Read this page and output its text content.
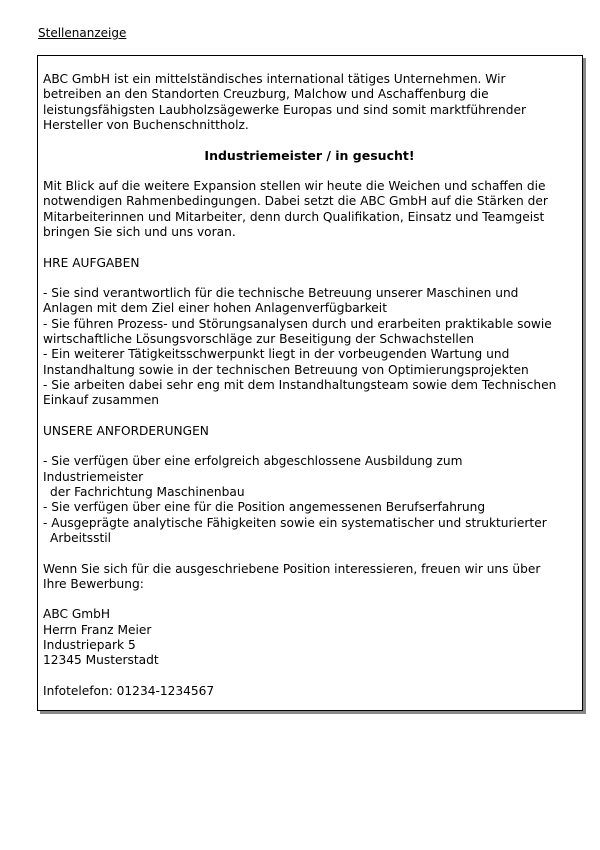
Stellenanzeige

ABC GmbH ist ein mittelständisches international tätiges Unternehmen. Wir
betreiben an den Standorten Creuzburg, Malchow und Aschaffenburg die
leistungsfähigsten Laubholzsägewerke Europas und sind somit marktführender
Hersteller von Buchenschnittholz.

Industriemeister / in gesucht!

Mit Blick auf die weitere Expansion stellen wir heute die Weichen und schaffen die
notwendigen Rahmenbedingungen. Dabei setzt die ABC GmbH auf die Stärken der
Mitarbeiterinnen und Mitarbeiter, denn durch Qualifikation, Einsatz und Teamgeist
bringen Sie sich und uns voran.

HRE AUFGABEN

- Sie sind verantwortlich für die technische Betreuung unserer Maschinen und
Anlagen mit dem Ziel einer hohen Anlagenverfügbarkeit
- Sie führen Prozess- und Störungsanalysen durch und erarbeiten praktikable sowie
wirtschaftliche Lösungsvorschläge zur Beseitigung der Schwachstellen
- Ein weiterer Tätigkeitsschwerpunkt liegt in der vorbeugenden Wartung und
Instandhaltung sowie in der technischen Betreuung von Optimierungsprojekten
- Sie arbeiten dabei sehr eng mit dem Instandhaltungsteam sowie dem Technischen
Einkauf zusammen

UNSERE ANFORDERUNGEN

- Sie verfügen über eine erfolgreich abgeschlossene Ausbildung zum
Industriemeister
der Fachrichtung Maschinenbau
- Sie verfügen über eine für die Position angemessenen Berufserfahrung
- Ausgeprägte analytische Fähigkeiten sowie ein systematischer und strukturierter
Arbeitsstil

Wenn Sie sich für die ausgeschriebene Position interessieren, freuen wir uns über
Ihre Bewerbung:

ABC GmbH
Herrn Franz Meier
Industriepark 5
12345 Musterstadt

Infotelefon: 01234-1234567
